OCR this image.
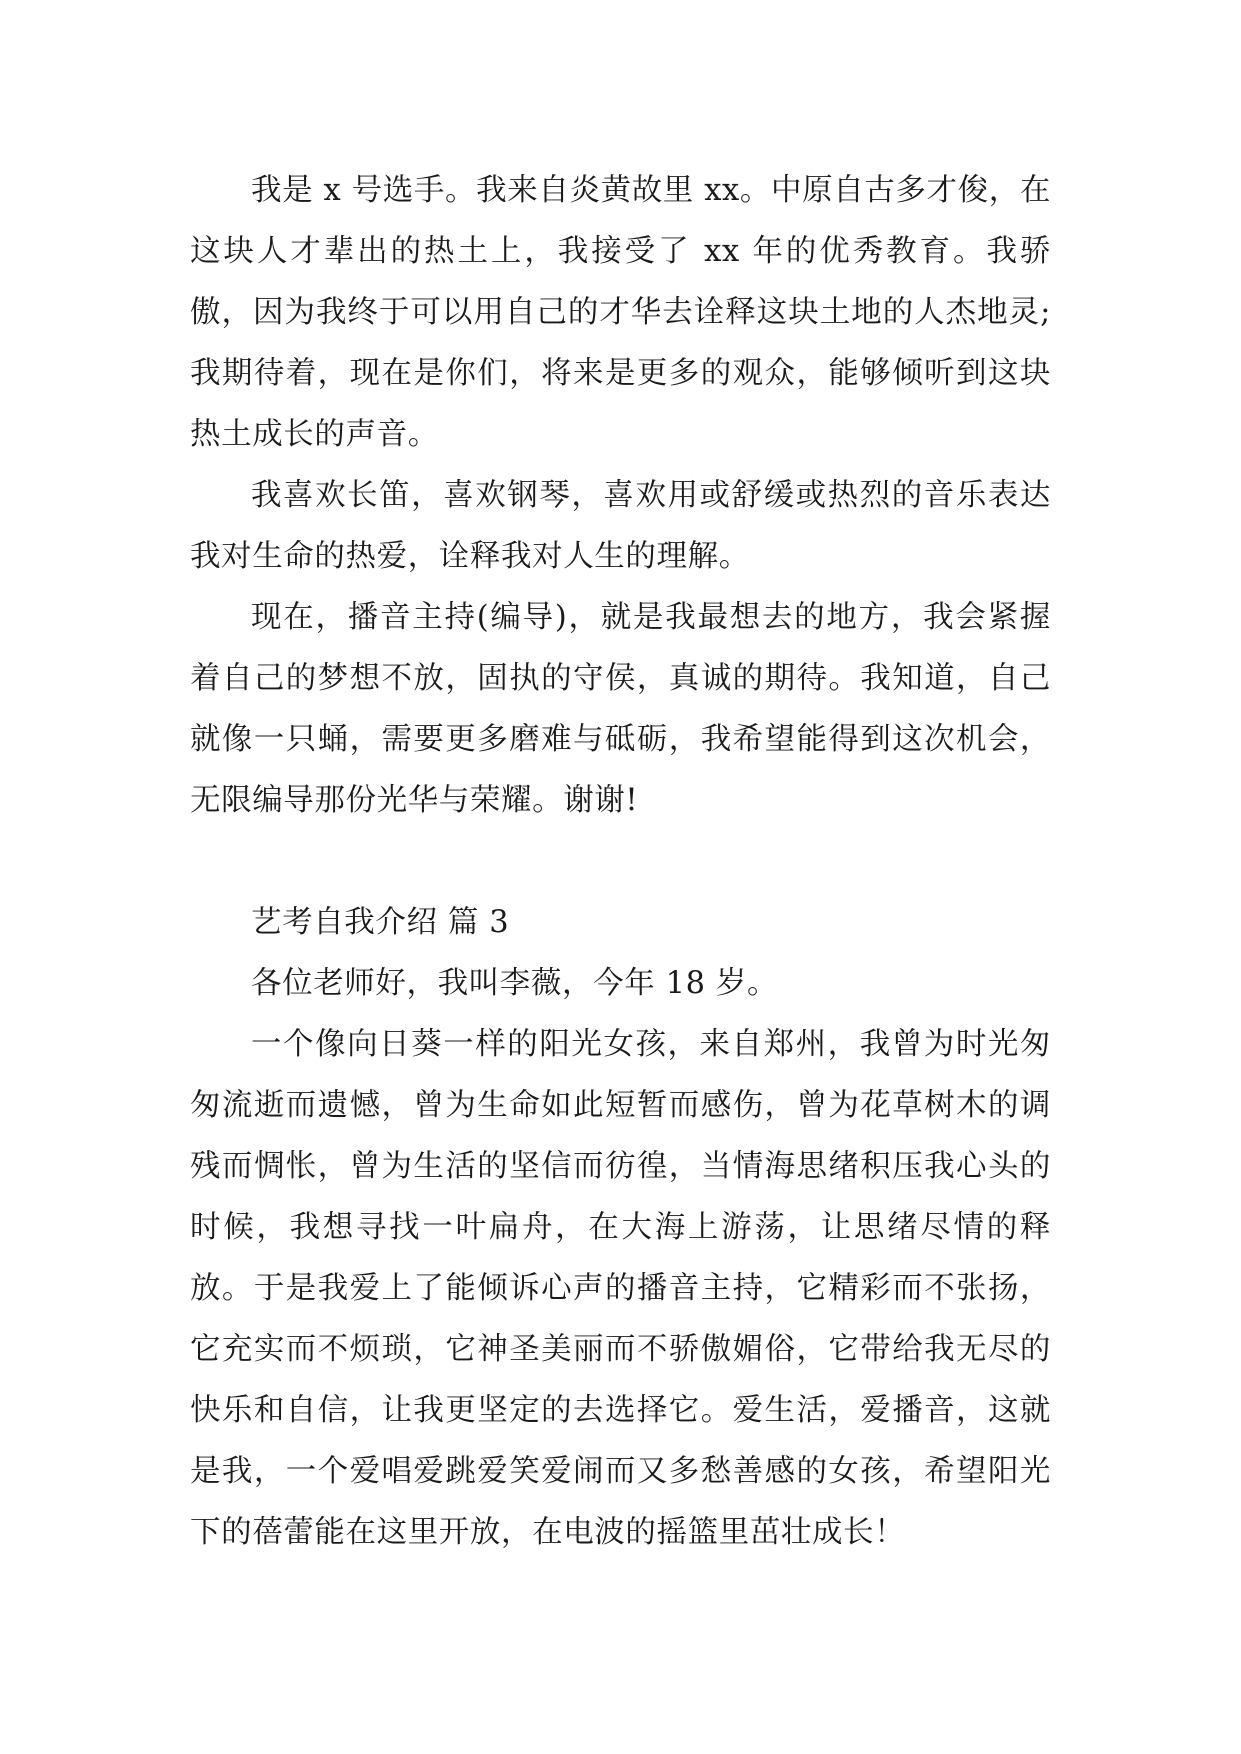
我是 x 号选手。我来自炎黄故里 xx。中原自古多才俊，在这块人才辈出的热土上，我接受了 xx 年的优秀教育。我骄傲，因为我终于可以用自己的才华去诠释这块土地的人杰地灵;我期待着，现在是你们，将来是更多的观众，能够倾听到这块热土成长的声音。

我喜欢长笛，喜欢钢琴，喜欢用或舒缓或热烈的音乐表达我对生命的热爱，诠释我对人生的理解。

现在，播音主持(编导)，就是我最想去的地方，我会紧握着自己的梦想不放，固执的守侯，真诚的期待。我知道，自己就像一只蛹，需要更多磨难与砥砺，我希望能得到这次机会，无限编导那份光华与荣耀。谢谢!

艺考自我介绍 篇 3

各位老师好，我叫李薇，今年 18 岁。

一个像向日葵一样的阳光女孩，来自郑州，我曾为时光匆匆流逝而遗憾，曾为生命如此短暂而感伤，曾为花草树木的调残而惆怅，曾为生活的坚信而彷徨，当情海思绪积压我心头的时候，我想寻找一叶扁舟，在大海上游荡，让思绪尽情的释放。于是我爱上了能倾诉心声的播音主持，它精彩而不张扬，它充实而不烦琐，它神圣美丽而不骄傲媚俗，它带给我无尽的快乐和自信，让我更坚定的去选择它。爱生活，爱播音，这就是我，一个爱唱爱跳爱笑爱闹而又多愁善感的女孩，希望阳光下的蓓蕾能在这里开放，在电波的摇篮里茁壮成长！
